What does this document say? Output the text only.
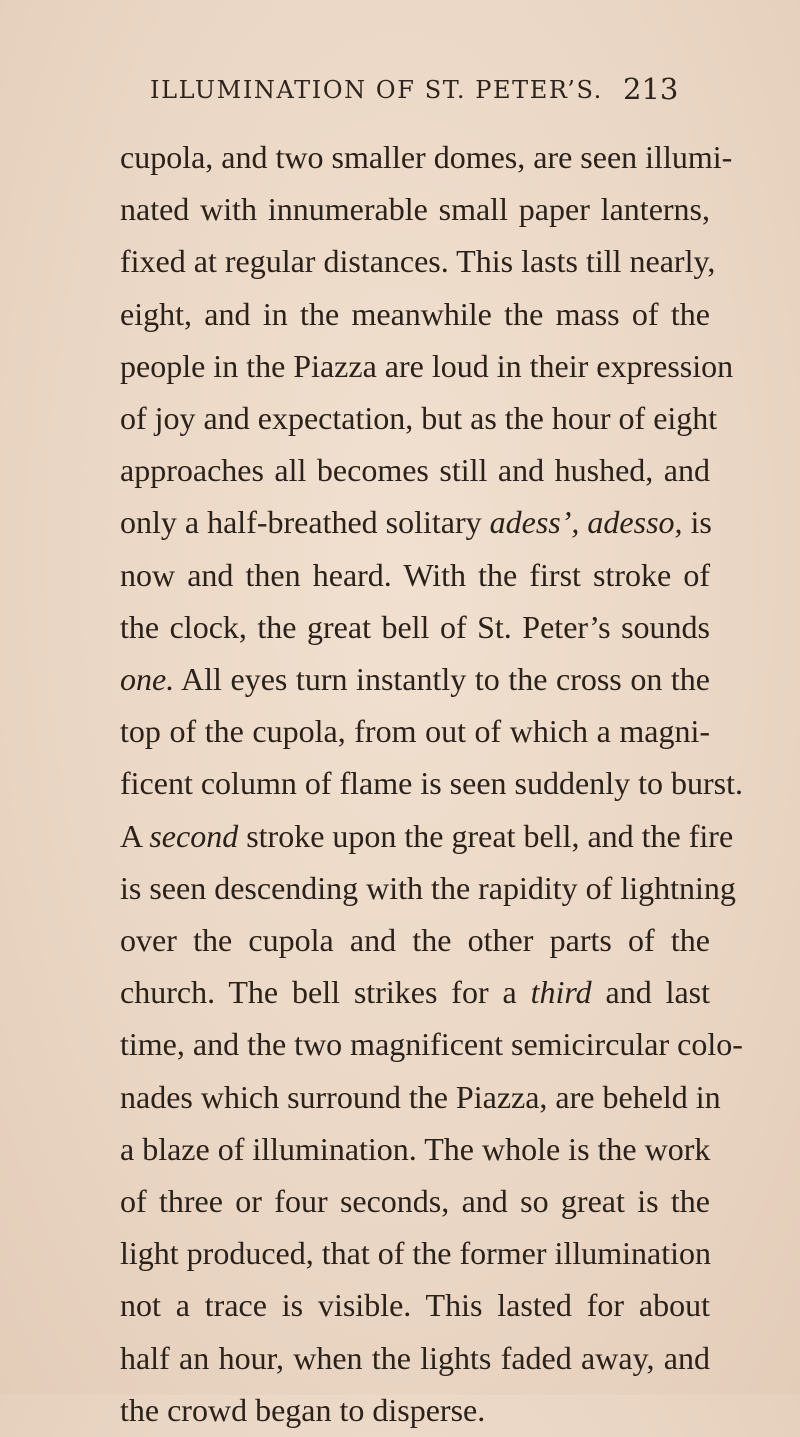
ILLUMINATION OF ST. PETER’S. 213
cupola, and two smaller domes, are seen illumi-
nated with innumerable small paper lanterns,
fixed at regular distances. This lasts till nearly,
eight, and in the meanwhile the mass of the
people in the Piazza are loud in their expression
of joy and expectation, but as the hour of eight
approaches all becomes still and hushed, and
only a half-breathed solitary adess’, adesso, is
now and then heard. With the first stroke of
the clock, the great bell of St. Peter’s sounds
one. All eyes turn instantly to the cross on the
top of the cupola, from out of which a magni-
ficent column of flame is seen suddenly to burst.
A second stroke upon the great bell, and the fire
is seen descending with the rapidity of lightning
over the cupola and the other parts of the
church. The bell strikes for a third and last
time, and the two magnificent semicircular colo-
nades which surround the Piazza, are beheld in
a blaze of illumination. The whole is the work
of three or four seconds, and so great is the
light produced, that of the former illumination
not a trace is visible. This lasted for about
half an hour, when the lights faded away, and
the crowd began to disperse.
